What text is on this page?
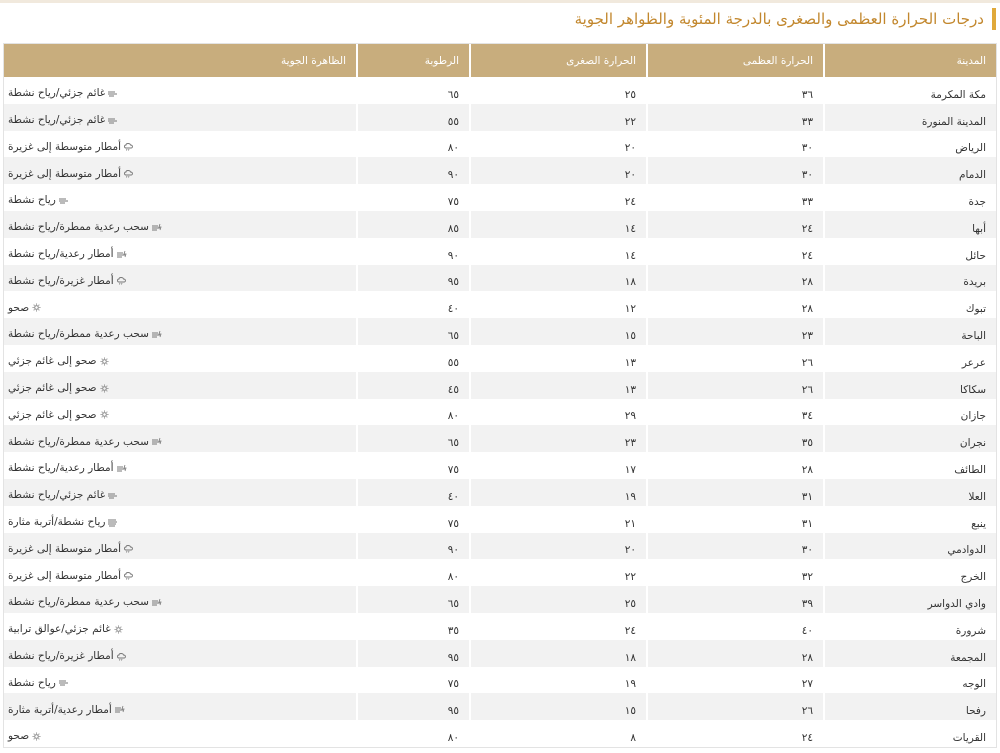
درجات الحرارة العظمى والصغرى بالدرجة المئوية والظواهر الجوية
المدينة	الحرارة العظمى	الحرارة الصغرى	الرطوبة	الظاهرة الجوية
مكة المكرمة	٣٦	٢٥	٦٥	غائم جزئي/رياح نشطة

المدينة المنورة	٣٣	٢٢	٥٥	غائم جزئي/رياح نشطة

الرياض	٣٠	٢٠	٨٠	أمطار متوسطة إلى غزيرة

الدمام	٣٠	٢٠	٩٠	أمطار متوسطة إلى غزيرة

جدة	٣٣	٢٤	٧٥	رياح نشطة

أبها	٢٤	١٤	٨٥	سحب رعدية ممطرة/رياح نشطة

حائل	٢٤	١٤	٩٠	أمطار رعدية/رياح نشطة

بريدة	٢٨	١٨	٩٥	أمطار غزيرة/رياح نشطة

تبوك	٢٨	١٢	٤٠	صحو

الباحة	٢٣	١٥	٦٥	سحب رعدية ممطرة/رياح نشطة

عرعر	٢٦	١٣	٥٥	صحو إلى غائم جزئي

سكاكا	٢٦	١٣	٤٥	صحو إلى غائم جزئي

جازان	٣٤	٢٩	٨٠	صحو إلى غائم جزئي

نجران	٣٥	٢٣	٦٥	سحب رعدية ممطرة/رياح نشطة

الطائف	٢٨	١٧	٧٥	أمطار رعدية/رياح نشطة

العلا	٣١	١٩	٤٠	غائم جزئي/رياح نشطة

ينبع	٣١	٢١	٧٥	رياح نشطة/أتربة مثارة

الدوادمي	٣٠	٢٠	٩٠	أمطار متوسطة إلى غزيرة

الخرج	٣٢	٢٢	٨٠	أمطار متوسطة إلى غزيرة

وادي الدواسر	٣٩	٢٥	٦٥	سحب رعدية ممطرة/رياح نشطة

شرورة	٤٠	٢٤	٣٥	غائم جزئي/عوالق ترابية

المجمعة	٢٨	١٨	٩٥	أمطار غزيرة/رياح نشطة

الوجه	٢٧	١٩	٧٥	رياح نشطة

رفحا	٢٦	١٥	٩٥	أمطار رعدية/أتربة مثارة

القريات	٢٤	٨	٨٠	صحو
